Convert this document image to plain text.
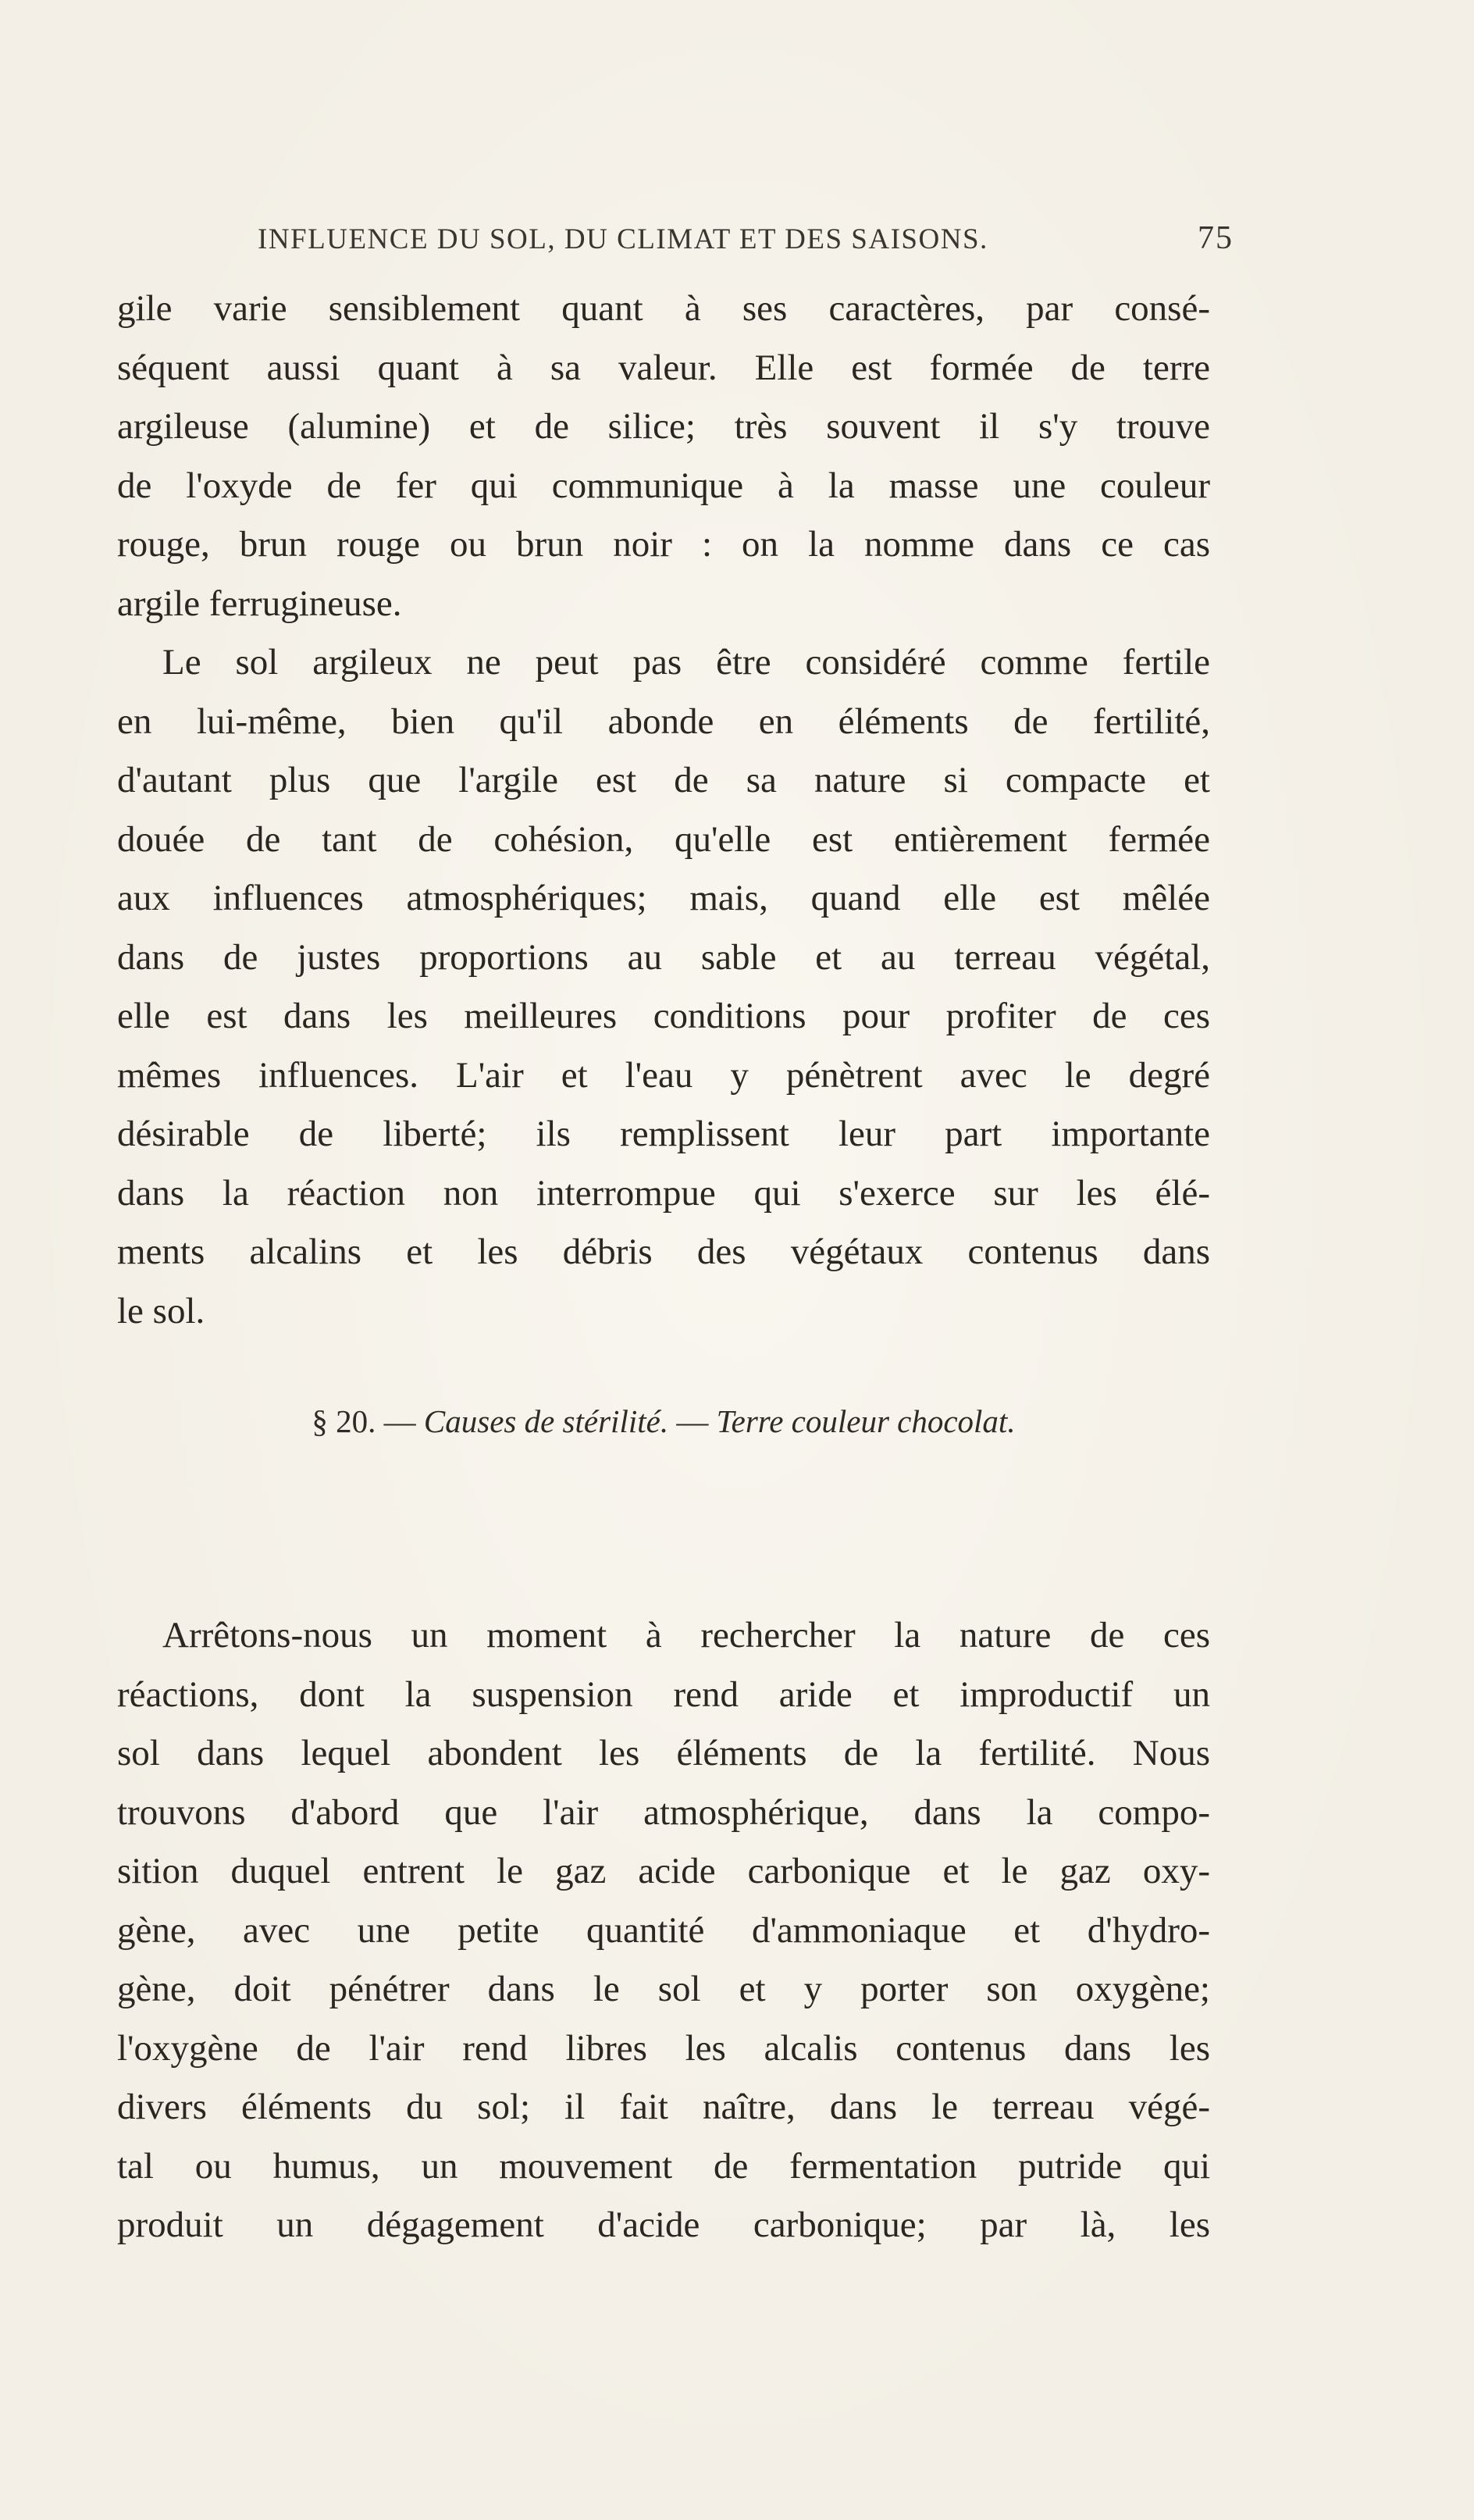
INFLUENCE DU SOL, DU CLIMAT ET DES SAISONS.	75
gile varie sensiblement quant à ses caractères, par consé-
séquent aussi quant à sa valeur. Elle est formée de terre
argileuse (alumine) et de silice; très souvent il s'y trouve
de l'oxyde de fer qui communique à la masse une couleur
rouge, brun rouge ou brun noir : on la nomme dans ce cas
argile ferrugineuse.
Le sol argileux ne peut pas être considéré comme fertile
en lui-même, bien qu'il abonde en éléments de fertilité,
d'autant plus que l'argile est de sa nature si compacte et
douée de tant de cohésion, qu'elle est entièrement fermée
aux influences atmosphériques; mais, quand elle est mêlée
dans de justes proportions au sable et au terreau végétal,
elle est dans les meilleures conditions pour profiter de ces
mêmes influences. L'air et l'eau y pénètrent avec le degré
désirable de liberté; ils remplissent leur part importante
dans la réaction non interrompue qui s'exerce sur les élé-
ments alcalins et les débris des végétaux contenus dans
le sol.
§ 20. — Causes de stérilité. — Terre couleur chocolat.
Arrêtons-nous un moment à rechercher la nature de ces
réactions, dont la suspension rend aride et improductif un
sol dans lequel abondent les éléments de la fertilité. Nous
trouvons d'abord que l'air atmosphérique, dans la compo-
sition duquel entrent le gaz acide carbonique et le gaz oxy-
gène, avec une petite quantité d'ammoniaque et d'hydro-
gène, doit pénétrer dans le sol et y porter son oxygène;
l'oxygène de l'air rend libres les alcalis contenus dans les
divers éléments du sol; il fait naître, dans le terreau végé-
tal ou humus, un mouvement de fermentation putride qui
produit un dégagement d'acide carbonique; par là, les
